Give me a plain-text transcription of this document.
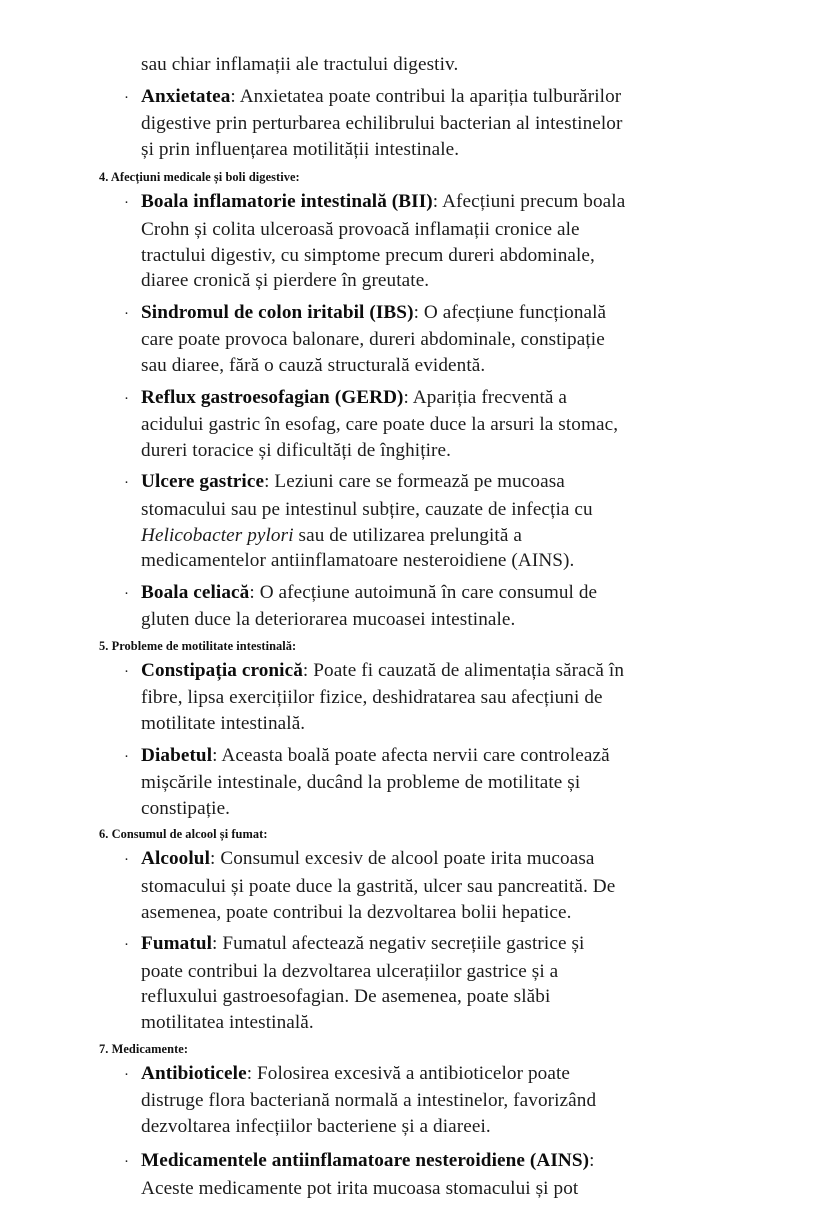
sau chiar inflamații ale tractului digestiv.

· Anxietatea: Anxietatea poate contribui la apariția tulburărilor digestive prin perturbarea echilibrului bacterian al intestinelor și prin influențarea motilității intestinale.
4. Afecțiuni medicale și boli digestive:
· Boala inflamatorie intestinală (BII): Afecțiuni precum boala Crohn și colita ulceroasă provoacă inflamații cronice ale tractului digestiv, cu simptome precum dureri abdominale, diaree cronică și pierdere în greutate.
· Sindromul de colon iritabil (IBS): O afecțiune funcțională care poate provoca balonare, dureri abdominale, constipație sau diaree, fără o cauză structurală evidentă.
· Reflux gastroesofagian (GERD): Apariția frecventă a acidului gastric în esofag, care poate duce la arsuri la stomac, dureri toracice și dificultăți de înghițire.
· Ulcere gastrice: Leziuni care se formează pe mucoasa stomacului sau pe intestinul subțire, cauzate de infecția cu Helicobacter pylori sau de utilizarea prelungită a medicamentelor antiinflamatoare nesteroidiene (AINS).
· Boala celiacă: O afecțiune autoimună în care consumul de gluten duce la deteriorarea mucoasei intestinale.
5. Probleme de motilitate intestinală:
· Constipația cronică: Poate fi cauzată de alimentația săracă în fibre, lipsa exercițiilor fizice, deshidratarea sau afecțiuni de motilitate intestinală.
· Diabetul: Aceasta boală poate afecta nervii care controlează mișcările intestinale, ducând la probleme de motilitate și constipație.
6. Consumul de alcool și fumat:
· Alcoolul: Consumul excesiv de alcool poate irita mucoasa stomacului și poate duce la gastrită, ulcer sau pancreatită. De asemenea, poate contribui la dezvoltarea bolii hepatice.
· Fumatul: Fumatul afectează negativ secrețiile gastrice și poate contribui la dezvoltarea ulcerațiilor gastrice și a refluxului gastroesofagian. De asemenea, poate slăbi motilitatea intestinală.
7. Medicamente:
· Antibioticele: Folosirea excesivă a antibioticelor poate distruge flora bacteriană normală a intestinelor, favorizând dezvoltarea infecțiilor bacteriene și a diareei.
· Medicamentele antiinflamatoare nesteroidiene (AINS): Aceste medicamente pot irita mucoasa stomacului și pot
